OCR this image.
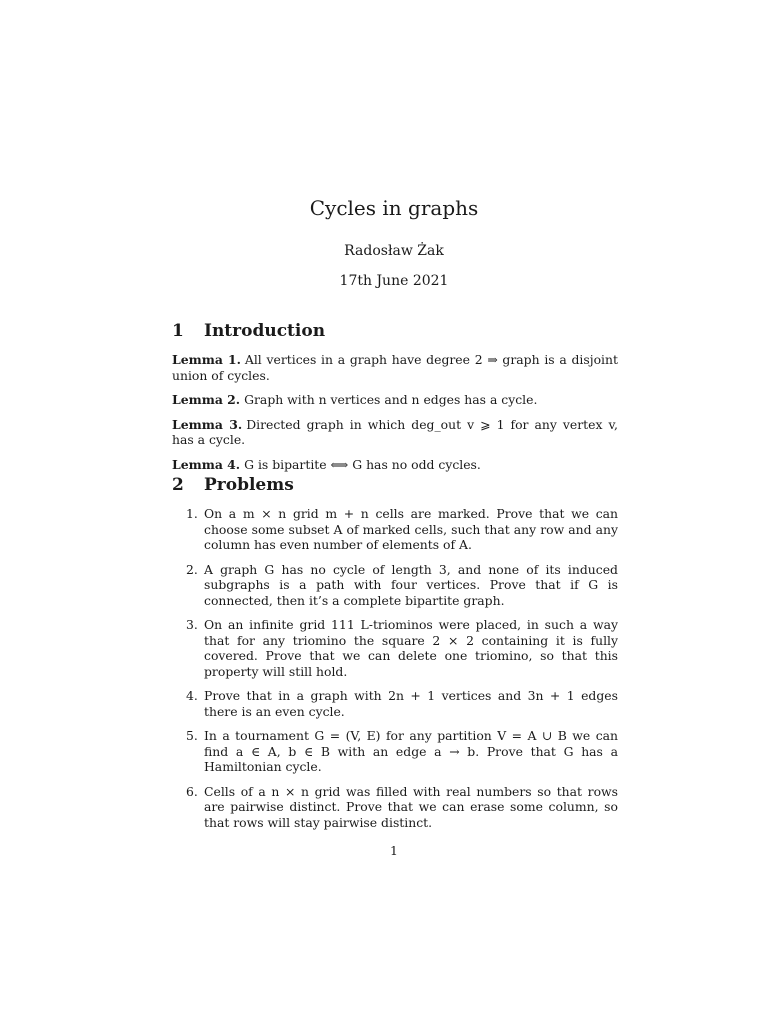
Cycles in graphs
Radosław Żak
17th June 2021
1 Introduction

Lemma 1. All vertices in a graph have degree 2 ⇒ graph is a disjoint union of cycles.

Lemma 2. Graph with n vertices and n edges has a cycle.

Lemma 3. Directed graph in which deg_out v ⩾ 1 for any vertex v, has a cycle.

Lemma 4. G is bipartite ⟺ G has no odd cycles.

2 Problems
1. On a m × n grid m + n cells are marked. Prove that we can choose some subset A of marked cells, such that any row and any column has even number of elements of A.
2. A graph G has no cycle of length 3, and none of its induced subgraphs is a path with four vertices. Prove that if G is connected, then it’s a complete bipartite graph.
3. On an infinite grid 111 L-triominos were placed, in such a way that for any triomino the square 2 × 2 containing it is fully covered. Prove that we can delete one triomino, so that this property will still hold.
4. Prove that in a graph with 2n + 1 vertices and 3n + 1 edges there is an even cycle.
5. In a tournament G = (V, E) for any partition V = A ∪ B we can find a ∈ A, b ∈ B with an edge a → b. Prove that G has a Hamiltonian cycle.
6. Cells of a n × n grid was filled with real numbers so that rows are pairwise distinct. Prove that we can erase some column, so that rows will stay pairwise distinct.
1
